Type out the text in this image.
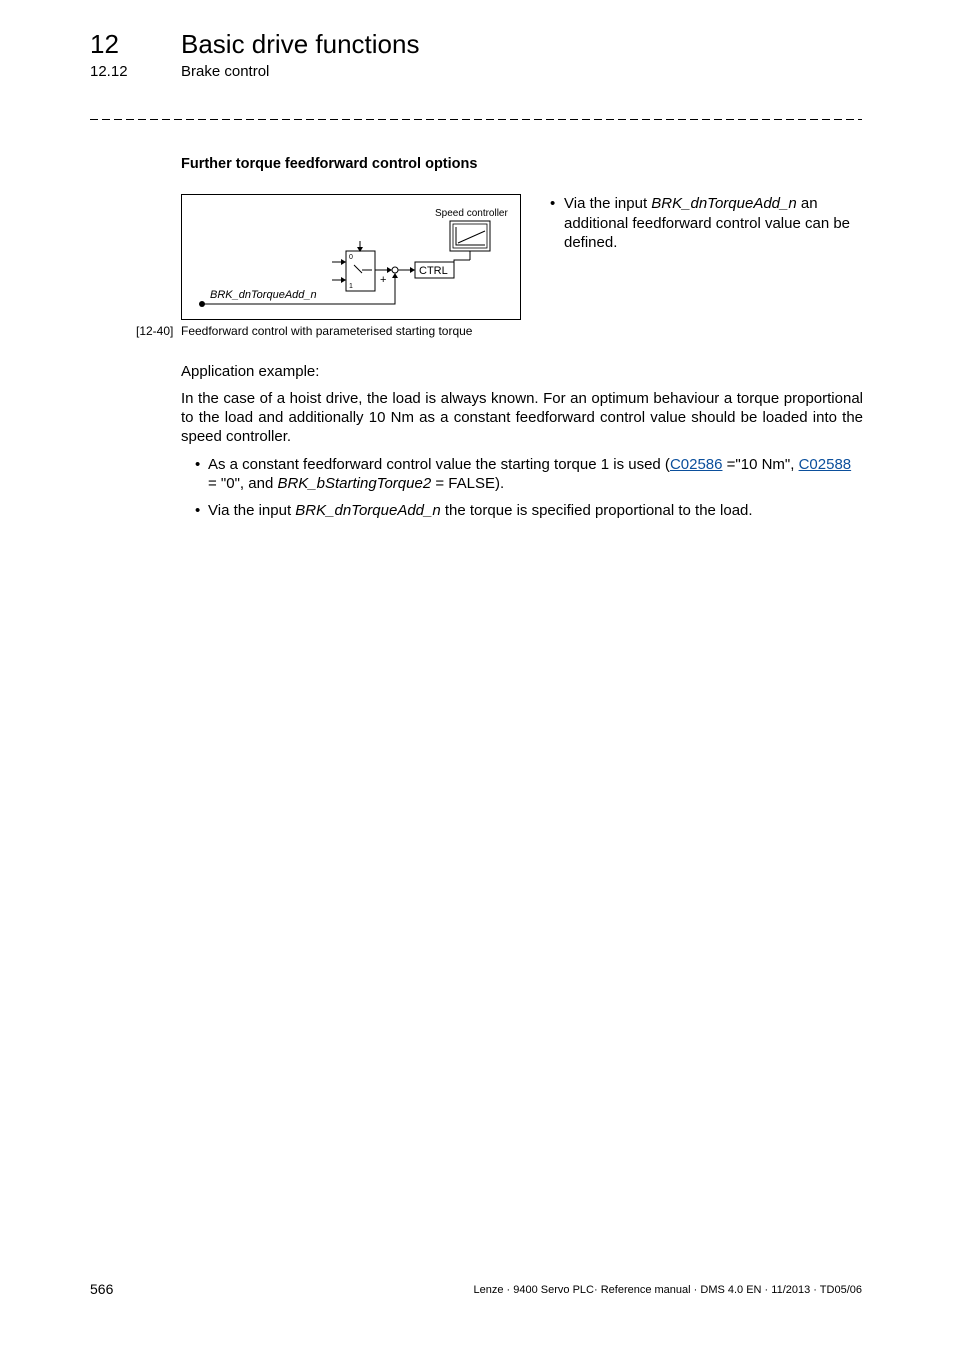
12 Basic drive functions
12.12	Brake control
Further torque feedforward control options
Speed controller
CTRL
0
1
+
BRK_dnTorqueAdd_n
• Via the input BRK_dnTorqueAdd_n an additional feedforward control value can be defined.
[12-40] Feedforward control with parameterised starting torque
Application example:
In the case of a hoist drive, the load is always known. For an optimum behaviour a torque proportional to the load and additionally 10 Nm as a constant feedforward control value should be loaded into the speed controller.
• As a constant feedforward control value the starting torque 1 is used (C02586 ="10 Nm", C02588 = "0", and BRK_bStartingTorque2 = FALSE).
• Via the input BRK_dnTorqueAdd_n the torque is specified proportional to the load.
566	Lenze · 9400 Servo PLC· Reference manual · DMS 4.0 EN · 11/2013 · TD05/06
